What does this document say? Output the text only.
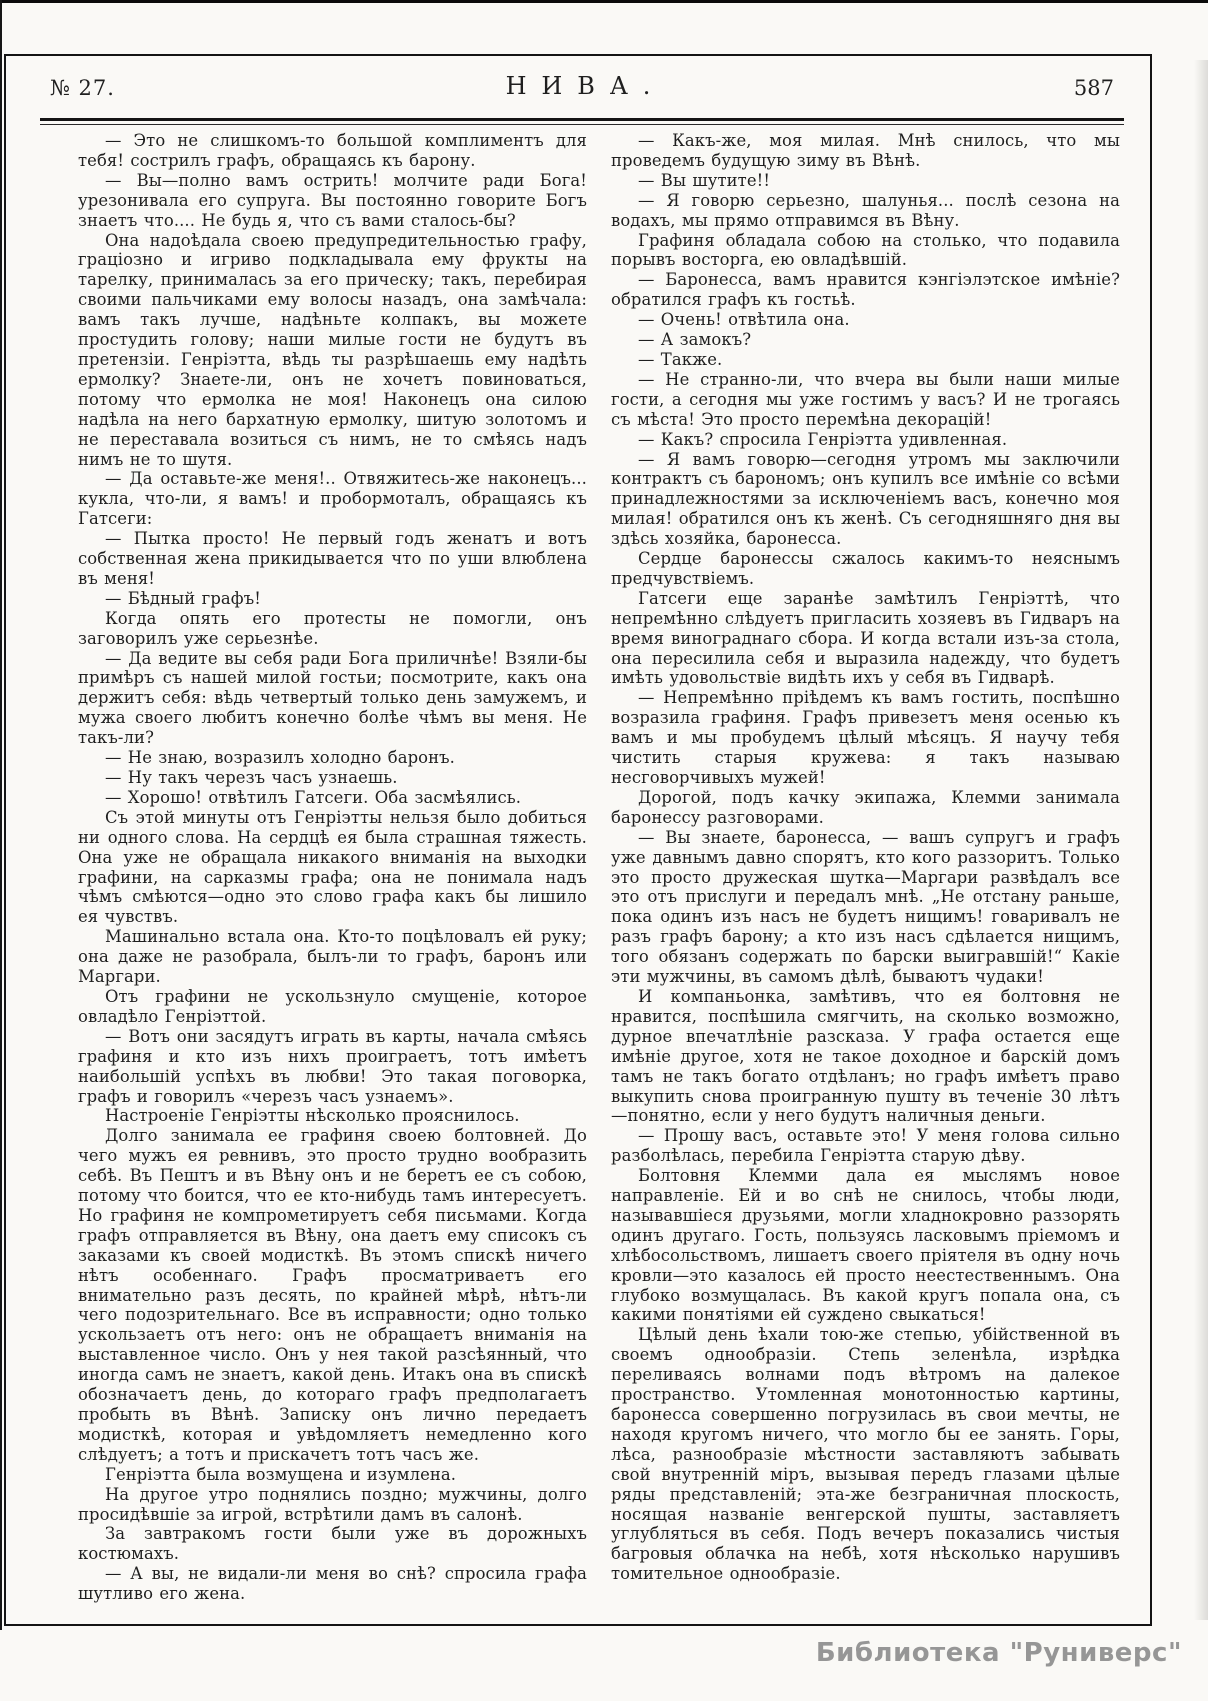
№ 27.	НИВА.	587

— Это не слишкомъ-то большой комплиментъ для тебя! сострилъ графъ, обращаясь къ барону.

— Вы—полно вамъ острить! молчите ради Бога! урезонивала его супруга. Вы постоянно говорите Богъ знаетъ что.... Не будь я, что съ вами сталось-бы?

Она надоѣдала своею предупредительностью графу, граціозно и игриво подкладывала ему фрукты на тарелку, принималась за его прическу; такъ, перебирая своими пальчиками ему волосы назадъ, она замѣчала: вамъ такъ лучше, надѣньте колпакъ, вы можете простудить голову; наши милые гости не будутъ въ претензіи. Генріэтта, вѣдь ты разрѣшаешь ему надѣть ермолку? Знаете-ли, онъ не хочетъ повиноваться, потому что ермолка не моя! Наконецъ она силою надѣла на него бархатную ермолку, шитую золотомъ и не переставала возиться съ нимъ, не то смѣясь надъ нимъ не то шутя.

— Да оставьте-же меня!.. Отвяжитесь-же наконецъ... кукла, что-ли, я вамъ! и пробормоталъ, обращаясь къ Гатсеги:

— Пытка просто! Не первый годъ женатъ и вотъ собственная жена прикидывается что по уши влюблена въ меня!

— Бѣдный графъ!

Когда опять его протесты не помогли, онъ заговорилъ уже серьезнѣе.

— Да ведите вы себя ради Бога приличнѣе! Взяли-бы примѣръ съ нашей милой гостьи; посмотрите, какъ она держитъ себя: вѣдь четвертый только день замужемъ, и мужа своего любитъ конечно болѣе чѣмъ вы меня. Не такъ-ли?

— Не знаю, возразилъ холодно баронъ.

— Ну такъ черезъ часъ узнаешь.

— Хорошо! отвѣтилъ Гатсеги. Оба засмѣялись.

Съ этой минуты отъ Генріэтты нельзя было добиться ни одного слова. На сердцѣ ея была страшная тяжесть. Она уже не обращала никакого вниманія на выходки графини, на сарказмы графа; она не понимала надъ чѣмъ смѣются—одно это слово графа какъ бы лишило ея чувствъ.

Машинально встала она. Кто-то поцѣловалъ ей руку; она даже не разобрала, былъ-ли то графъ, баронъ или Маргари.

Отъ графини не ускользнуло смущеніе, которое овладѣло Генріэттой.

— Вотъ они засядутъ играть въ карты, начала смѣясь графиня и кто изъ нихъ проиграетъ, тотъ имѣетъ наибольшій успѣхъ въ любви! Это такая поговорка, графъ и говорилъ «черезъ часъ узнаемъ».

Настроеніе Генріэтты нѣсколько прояснилось.

Долго занимала ее графиня своею болтовней. До чего мужъ ея ревнивъ, это просто трудно вообразить себѣ. Въ Пештъ и въ Вѣну онъ и не беретъ ее съ собою, потому что боится, что ее кто-нибудь тамъ интересуетъ. Но графиня не компрометируетъ себя письмами. Когда графъ отправляется въ Вѣну, она даетъ ему списокъ съ заказами къ своей модисткѣ. Въ этомъ спискѣ ничего нѣтъ особеннаго. Графъ просматриваетъ его внимательно разъ десять, по крайней мѣрѣ, нѣтъ-ли чего подозрительнаго. Все въ исправности; одно только ускользаетъ отъ него: онъ не обращаетъ вниманія на выставленное число. Онъ у нея такой разсѣянный, что иногда самъ не знаетъ, какой день. Итакъ она въ спискѣ обозначаетъ день, до котораго графъ предполагаетъ пробыть въ Вѣнѣ. Записку онъ лично передаетъ модисткѣ, которая и увѣдомляетъ немедленно кого слѣдуетъ; а тотъ и прискачетъ тотъ часъ же.

Генріэтта была возмущена и изумлена.

На другое утро поднялись поздно; мужчины, долго просидѣвшіе за игрой, встрѣтили дамъ въ салонѣ.

За завтракомъ гости были уже въ дорожныхъ костюмахъ.

— А вы, не видали-ли меня во снѣ? спросила графа шутливо его жена.

— Какъ-же, моя милая. Мнѣ снилось, что мы проведемъ будущую зиму въ Вѣнѣ.

— Вы шутите!!

— Я говорю серьезно, шалунья... послѣ сезона на водахъ, мы прямо отправимся въ Вѣну.

Графиня обладала собою на столько, что подавила порывъ восторга, ею овладѣвшій.

— Баронесса, вамъ нравится кэнгіэлэтское имѣніе? обратился графъ къ гостьѣ.

— Очень! отвѣтила она.

— А замокъ?

— Также.

— Не странно-ли, что вчера вы были наши милые гости, а сегодня мы уже гостимъ у васъ? И не трогаясь съ мѣста! Это просто перемѣна декорацій!

— Какъ? спросила Генріэтта удивленная.

— Я вамъ говорю—сегодня утромъ мы заключили контрактъ съ барономъ; онъ купилъ все имѣніе со всѣми принадлежностями за исключеніемъ васъ, конечно моя милая! обратился онъ къ женѣ. Съ сегодняшняго дня вы здѣсь хозяйка, баронесса.

Сердце баронессы сжалось какимъ-то неяснымъ предчувствіемъ.

Гатсеги еще заранѣе замѣтилъ Генріэттѣ, что непремѣнно слѣдуетъ пригласить хозяевъ въ Гидваръ на время винограднаго сбора. И когда встали изъ-за стола, она пересилила себя и выразила надежду, что будетъ имѣть удовольствіе видѣть ихъ у себя въ Гидварѣ.

— Непремѣнно пріѣдемъ къ вамъ гостить, поспѣшно возразила графиня. Графъ привезетъ меня осенью къ вамъ и мы пробудемъ цѣлый мѣсяцъ. Я научу тебя чистить старыя кружева: я такъ называю несговорчивыхъ мужей!

Дорогой, подъ качку экипажа, Клемми занимала баронессу разговорами.

— Вы знаете, баронесса, — вашъ супругъ и графъ уже давнымъ давно спорятъ, кто кого раззоритъ. Только это просто дружеская шутка—Маргари развѣдалъ все это отъ прислуги и передалъ мнѣ. „Не отстану раньше, пока одинъ изъ насъ не будетъ нищимъ! говаривалъ не разъ графъ барону; а кто изъ насъ сдѣлается нищимъ, того обязанъ содержать по барски выигравшій!“ Какіе эти мужчины, въ самомъ дѣлѣ, бываютъ чудаки!

И компаньонка, замѣтивъ, что ея болтовня не нравится, поспѣшила смягчить, на сколько возможно, дурное впечатлѣніе разсказа. У графа остается еще имѣніе другое, хотя не такое доходное и барскій домъ тамъ не такъ богато отдѣланъ; но графъ имѣетъ право выкупить снова проигранную пушту въ теченіе 30 лѣтъ—понятно, если у него будутъ наличныя деньги.

— Прошу васъ, оставьте это! У меня голова сильно разболѣлась, перебила Генріэтта старую дѣву.

Болтовня Клемми дала ея мыслямъ новое направленіе. Ей и во снѣ не снилось, чтобы люди, называвшіеся друзьями, могли хладнокровно раззорять одинъ другаго. Гость, пользуясь ласковымъ пріемомъ и хлѣбосольствомъ, лишаетъ своего пріятеля въ одну ночь кровли—это казалось ей просто неестественнымъ. Она глубоко возмущалась. Въ какой кругъ попала она, съ какими понятіями ей суждено свыкаться!

Цѣлый день ѣхали тою-же степью, убійственной въ своемъ однообразіи. Степь зеленѣла, изрѣдка переливаясь волнами подъ вѣтромъ на далекое пространство. Утомленная монотонностью картины, баронесса совершенно погрузилась въ свои мечты, не находя кругомъ ничего, что могло бы ее занять. Горы, лѣса, разнообразіе мѣстности заставляютъ забывать свой внутренній міръ, вызывая передъ глазами цѣлые ряды представленій; эта-же безграничная плоскость, носящая названіе венгерской пушты, заставляетъ углубляться въ себя. Подъ вечеръ показались чистыя багровыя облачка на небѣ, хотя нѣсколько нарушивъ томительное однообразіе.

Библиотека "Руниверс"
